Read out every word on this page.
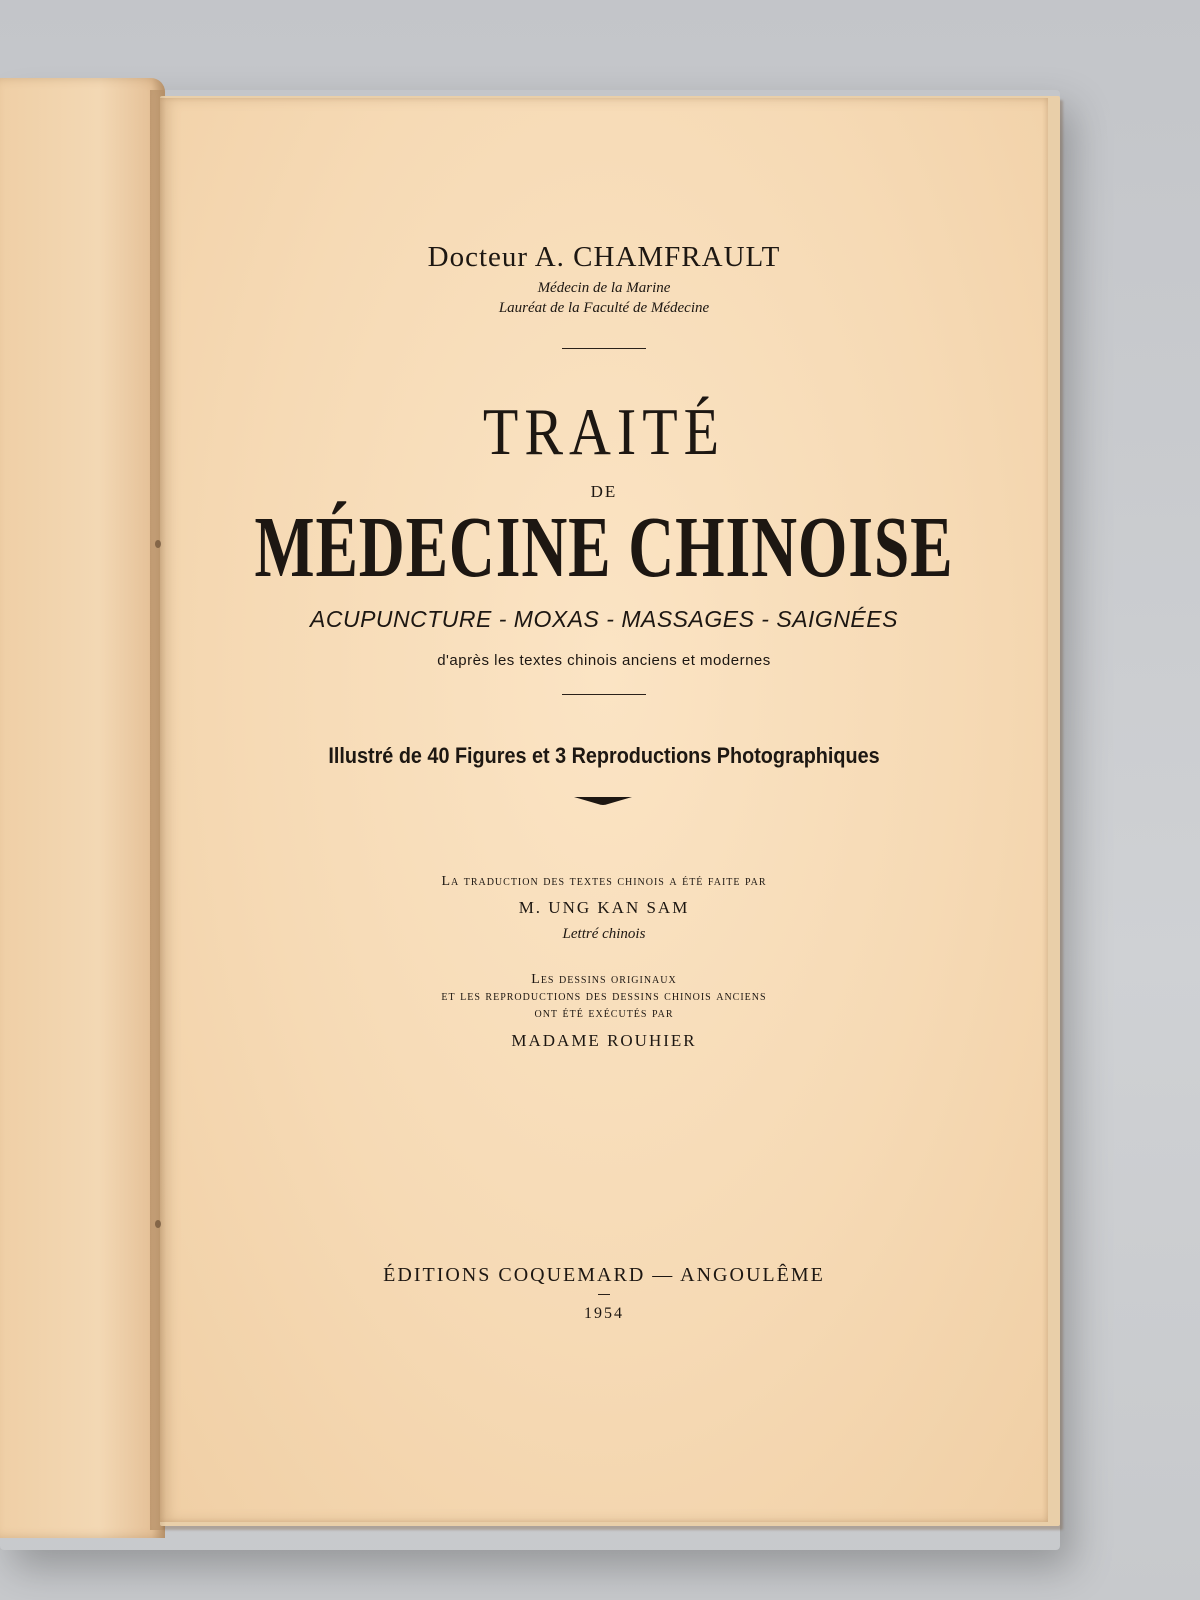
Docteur A. CHAMFRAULT
Médecin de la Marine
Lauréat de la Faculté de Médecine
TRAITÉ
DE
MÉDECINE CHINOISE
ACUPUNCTURE - MOXAS - MASSAGES - SAIGNÉES
d'après les textes chinois anciens et modernes
Illustré de 40 Figures et 3 Reproductions Photographiques
La traduction des textes chinois a été faite par
M. UNG KAN SAM
Lettré chinois
Les dessins originaux
et les reproductions des dessins chinois anciens
ont été exécutés par
MADAME ROUHIER
ÉDITIONS COQUEMARD — ANGOULÊME
1954
